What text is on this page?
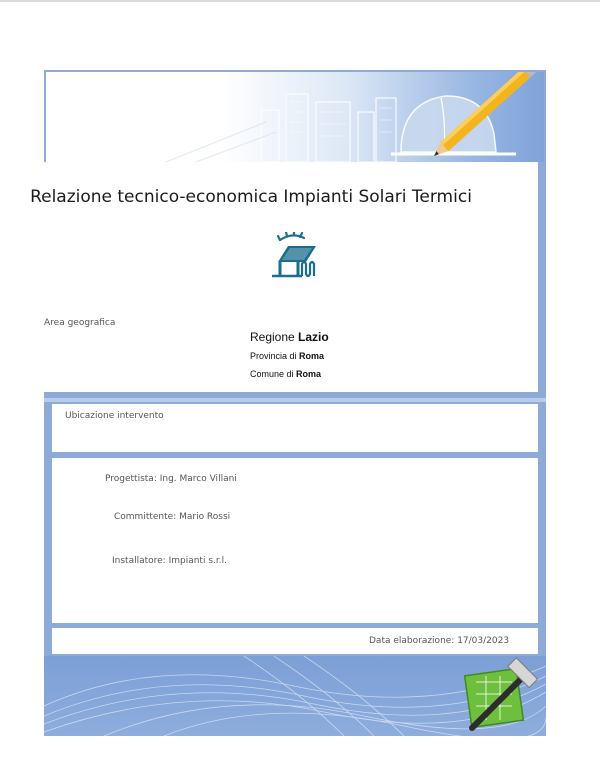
Relazione tecnico-economica Impianti Solari Termici
Area geografica
Regione Lazio
Provincia di Roma
Comune di Roma
Ubicazione intervento
Progettista: Ing. Marco Villani
Committente: Mario Rossi
Installatore: Impianti s.r.l.
Data elaborazione: 17/03/2023
